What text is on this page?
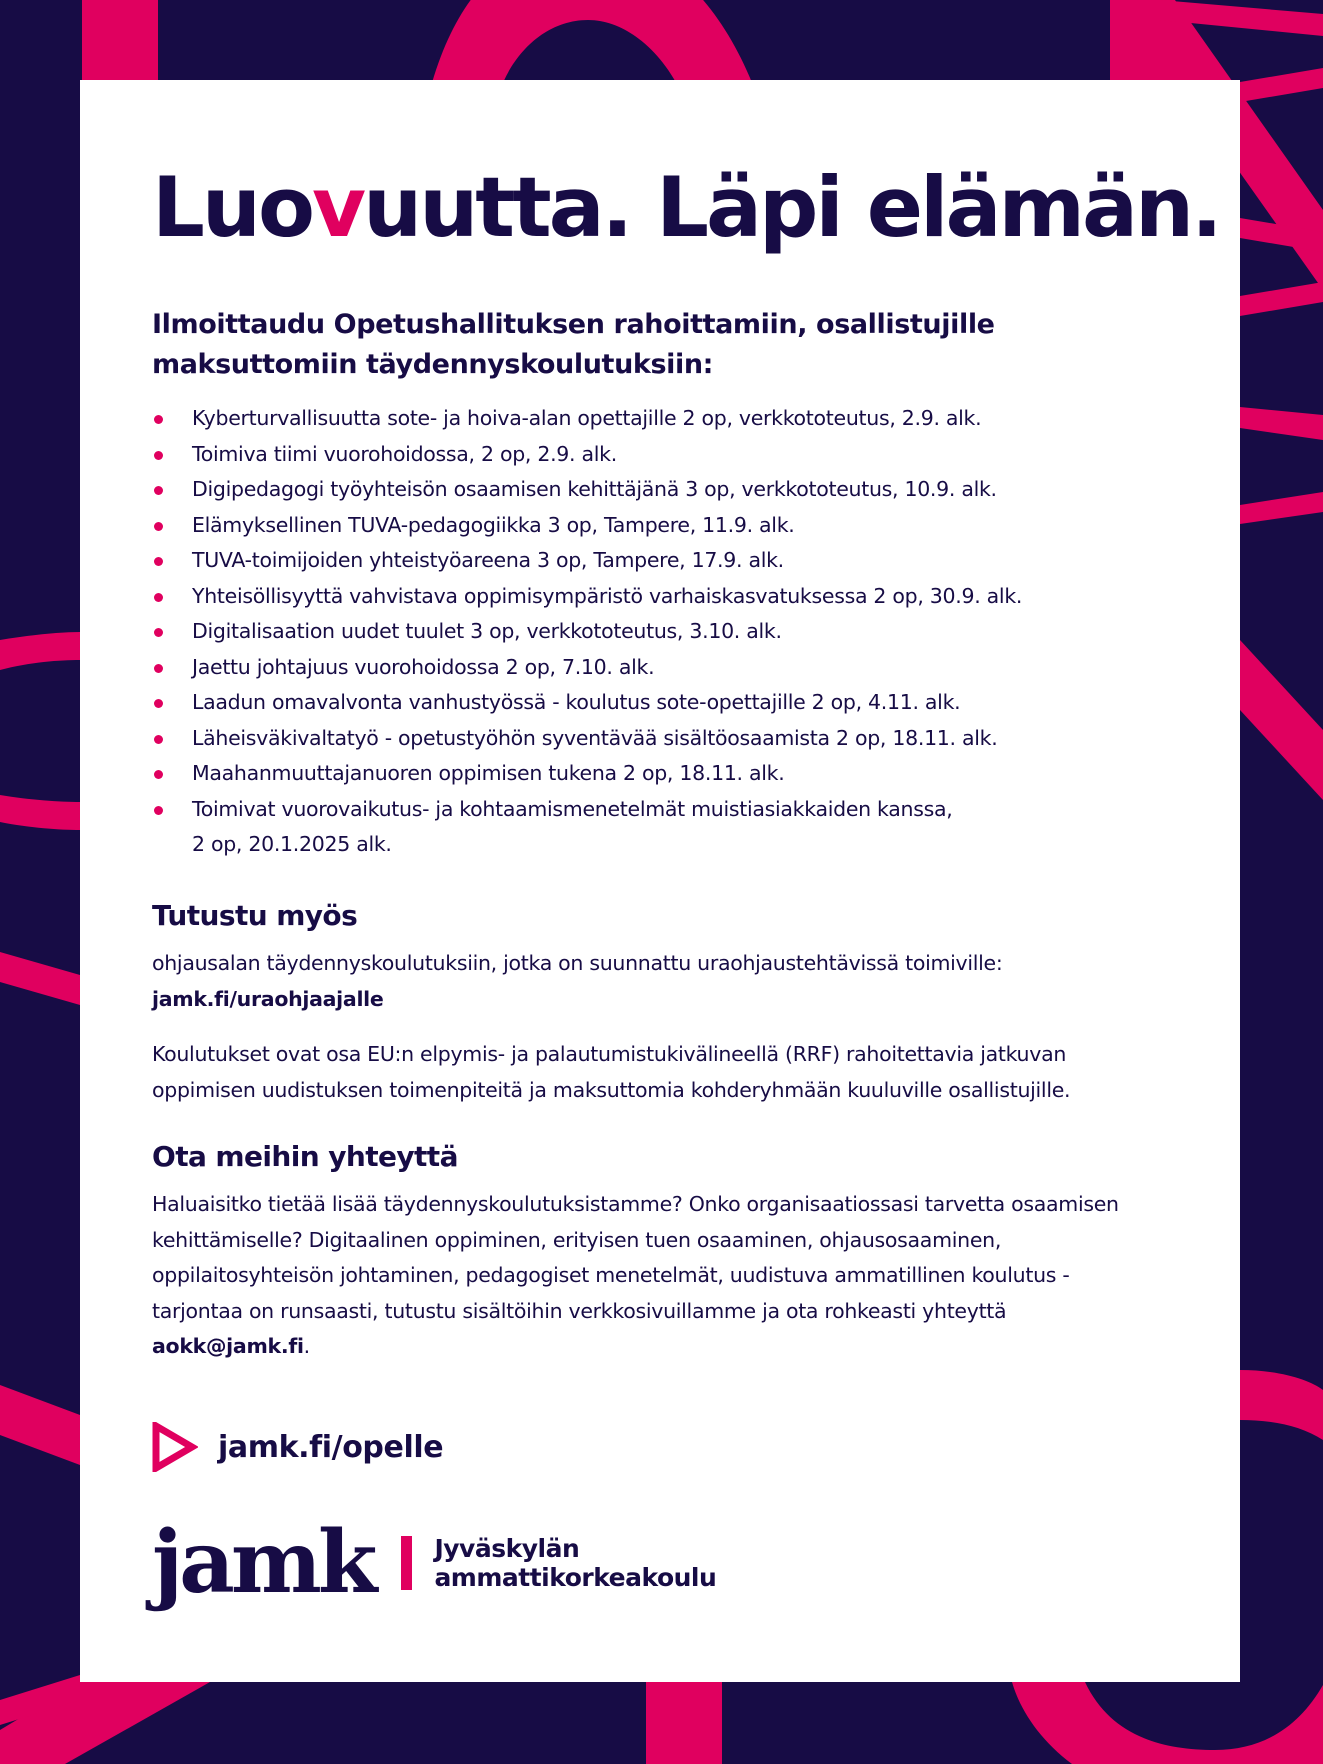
Luovuutta. Läpi elämän.

Ilmoittaudu Opetushallituksen rahoittamiin, osallistujille maksuttomiin täydennyskoulutuksiin:

Kyberturvallisuutta sote- ja hoiva-alan opettajille 2 op, verkkototeutus, 2.9. alk.
Toimiva tiimi vuorohoidossa, 2 op, 2.9. alk.
Digipedagogi työyhteisön osaamisen kehittäjänä 3 op, verkkototeutus, 10.9. alk.
Elämyksellinen TUVA-pedagogiikka 3 op, Tampere, 11.9. alk.
TUVA-toimijoiden yhteistyöareena 3 op, Tampere, 17.9. alk.
Yhteisöllisyyttä vahvistava oppimisympäristö varhaiskasvatuksessa 2 op, 30.9. alk.
Digitalisaation uudet tuulet 3 op, verkkototeutus, 3.10. alk.
Jaettu johtajuus vuorohoidossa 2 op, 7.10. alk.
Laadun omavalvonta vanhustyössä - koulutus sote-opettajille 2 op, 4.11. alk.
Läheisväkivaltatyö - opetustyöhön syventävää sisältöosaamista 2 op, 18.11. alk.
Maahanmuuttajanuoren oppimisen tukena 2 op, 18.11. alk.
Toimivat vuorovaikutus- ja kohtaamismenetelmät muistiasiakkaiden kanssa,
2 op, 20.1.2025 alk.
Tutustu myös

ohjausalan täydennyskoulutuksiin, jotka on suunnattu uraohjaustehtävissä toimiville:
jamk.fi/uraohjaajalle

Koulutukset ovat osa EU:n elpymis- ja palautumistukivälineellä (RRF) rahoitettavia jatkuvan oppimisen uudistuksen toimenpiteitä ja maksuttomia kohderyhmään kuuluville osallistujille.

Ota meihin yhteyttä

Haluaisitko tietää lisää täydennyskoulutuksistamme? Onko organisaatiossasi tarvetta osaamisen kehittämiselle? Digitaalinen oppiminen, erityisen tuen osaaminen, ohjausosaaminen, oppilaitosyhteisön johtaminen, pedagogiset menetelmät, uudistuva ammatillinen koulutus - tarjontaa on runsaasti, tutustu sisältöihin verkkosivuillamme ja ota rohkeasti yhteyttä aokk@jamk.fi.

jamk.fi/opelle
jamk Jyväskylän
ammattikorkeakoulu
